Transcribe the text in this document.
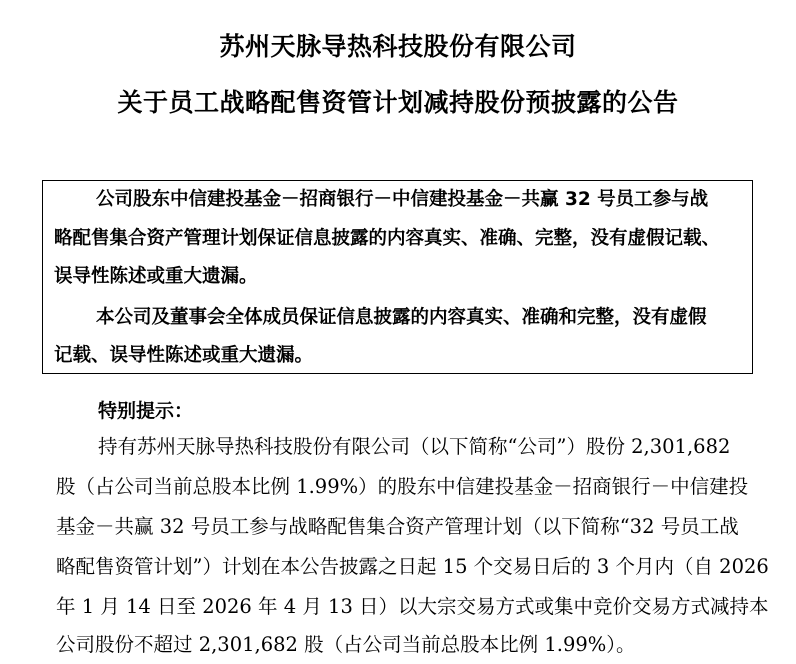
苏州天脉导热科技股份有限公司
关于员工战略配售资管计划减持股份预披露的公告
公司股东中信建投基金－招商银行－中信建投基金－共赢 32 号员工参与战
略配售集合资产管理计划保证信息披露的内容真实、准确、完整，没有虚假记载、
误导性陈述或重大遗漏。
本公司及董事会全体成员保证信息披露的内容真实、准确和完整，没有虚假
记载、误导性陈述或重大遗漏。
特别提示：
持有苏州天脉导热科技股份有限公司（以下简称“公司”）股份 2,301,682
股（占公司当前总股本比例 1.99%）的股东中信建投基金－招商银行－中信建投
基金－共赢 32 号员工参与战略配售集合资产管理计划（以下简称“32 号员工战
略配售资管计划”）计划在本公告披露之日起 15 个交易日后的 3 个月内（自 2026
年 1 月 14 日至 2026 年 4 月 13 日）以大宗交易方式或集中竞价交易方式减持本
公司股份不超过 2,301,682 股（占公司当前总股本比例 1.99%）。
